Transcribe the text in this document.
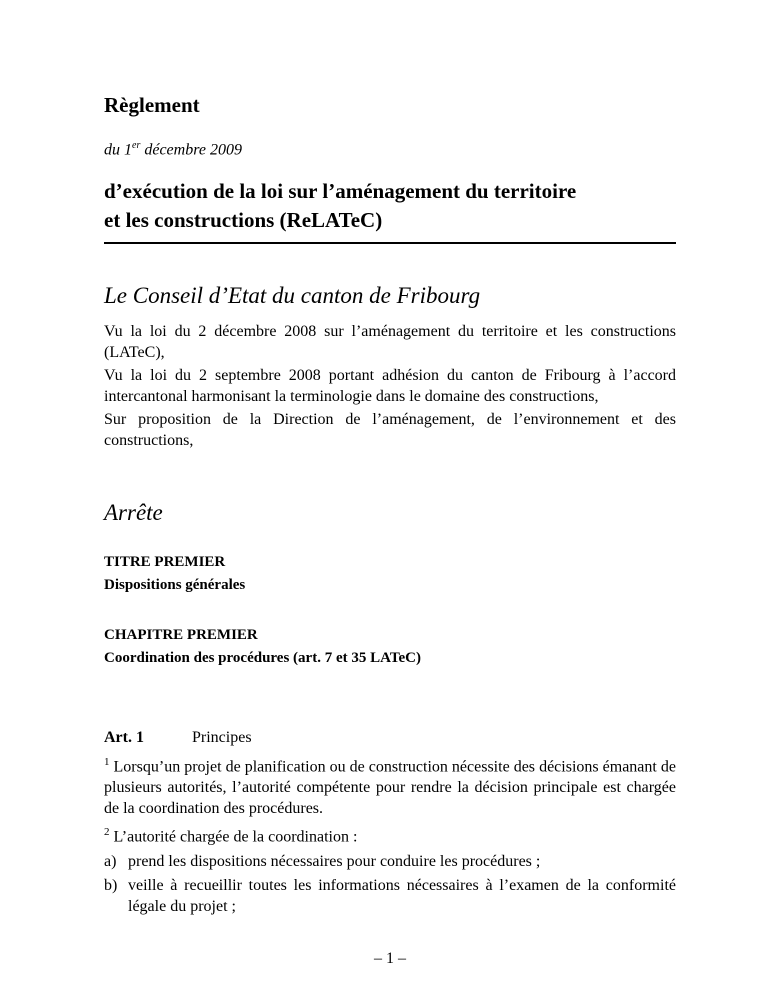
Règlement
du 1er décembre 2009
d’exécution de la loi sur l’aménagement du territoire
et les constructions (ReLATeC)
Le Conseil d’Etat du canton de Fribourg

Vu la loi du 2 décembre 2008 sur l’aménagement du territoire et les constructions (LATeC),

Vu la loi du 2 septembre 2008 portant adhésion du canton de Fribourg à l’accord intercantonal harmonisant la terminologie dans le domaine des constructions,

Sur proposition de la Direction de l’aménagement, de l’environnement et des constructions,

Arrête
TITRE PREMIER
Dispositions générales
CHAPITRE PREMIER
Coordination des procédures (art. 7 et 35 LATeC)
Art. 1	Principes

$^1$ Lorsqu’un projet de planification ou de construction nécessite des décisions émanant de plusieurs autorités, l’autorité compétente pour rendre la décision principale est chargée de la coordination des procédures.

$^2$ L’autorité chargée de la coordination :

a) prend les dispositions nécessaires pour conduire les procédures ;
b) veille à recueillir toutes les informations nécessaires à l’examen de la conformité légale du projet ;
– 1 –
